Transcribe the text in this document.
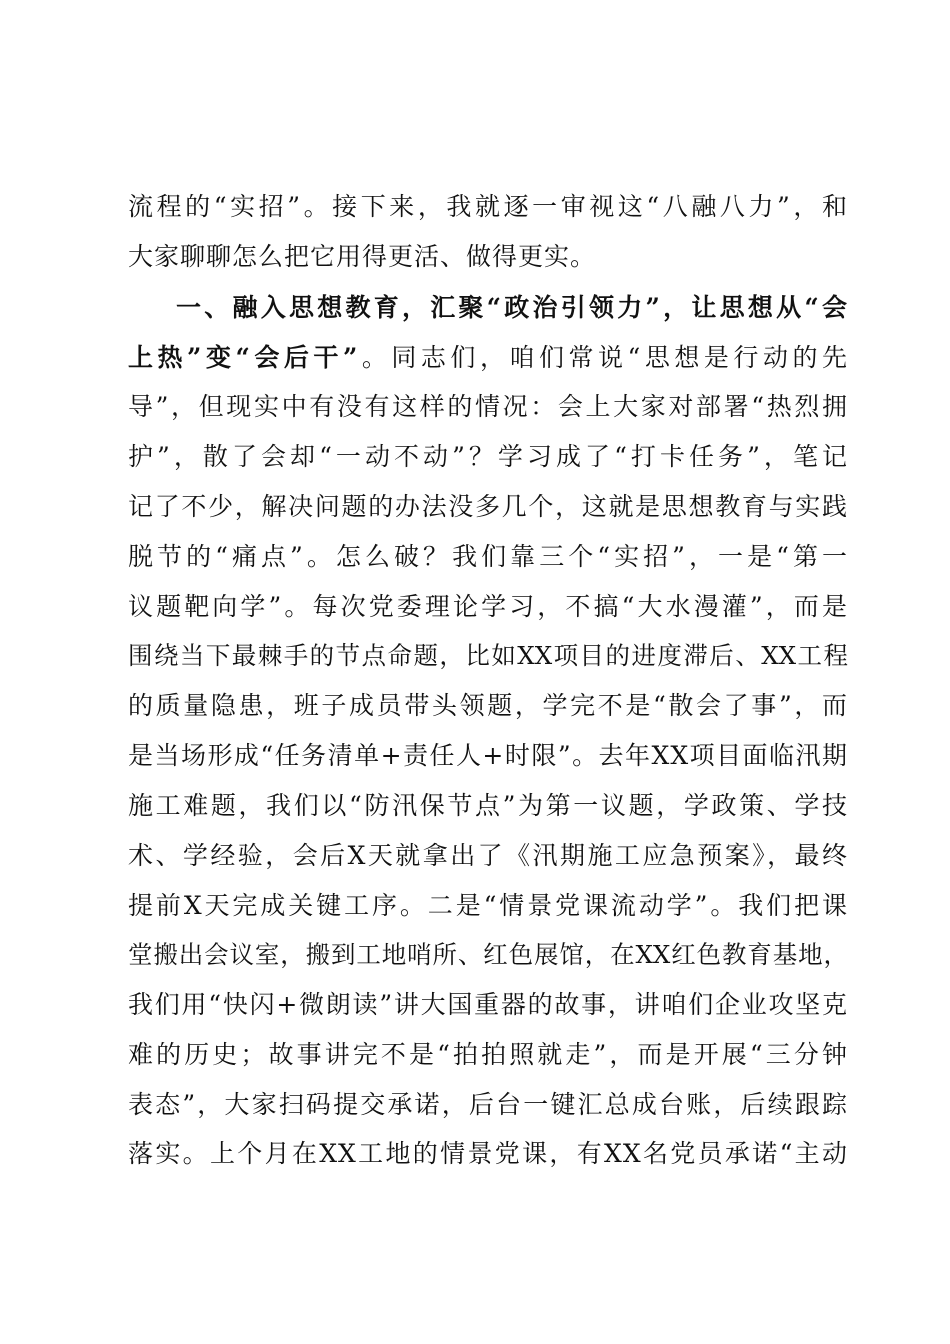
流程的“实招”。接下来，我就逐一审视这“八融八力”，和
大家聊聊怎么把它用得更活、做得更实。
一、融入思想教育，汇聚“政治引领力”，让思想从“会
上热”变“会后干”。同志们，咱们常说“思想是行动的先
导”，但现实中有没有这样的情况：会上大家对部署“热烈拥
护”，散了会却“一动不动”？学习成了“打卡任务”，笔记
记了不少，解决问题的办法没多几个，这就是思想教育与实践
脱节的“痛点”。怎么破？我们靠三个“实招”，一是“第一
议题靶向学”。每次党委理论学习，不搞“大水漫灌”，而是
围绕当下最棘手的节点命题，比如XX项目的进度滞后、XX工程
的质量隐患，班子成员带头领题，学完不是“散会了事”，而
是当场形成“任务清单+责任人+时限”。去年XX项目面临汛期
施工难题，我们以“防汛保节点”为第一议题，学政策、学技
术、学经验，会后X天就拿出了《汛期施工应急预案》，最终
提前X天完成关键工序。二是“情景党课流动学”。我们把课
堂搬出会议室，搬到工地哨所、红色展馆，在XX红色教育基地，
我们用“快闪+微朗读”讲大国重器的故事，讲咱们企业攻坚克
难的历史；故事讲完不是“拍拍照就走”，而是开展“三分钟
表态”，大家扫码提交承诺，后台一键汇总成台账，后续跟踪
落实。上个月在XX工地的情景党课，有XX名党员承诺“主动
